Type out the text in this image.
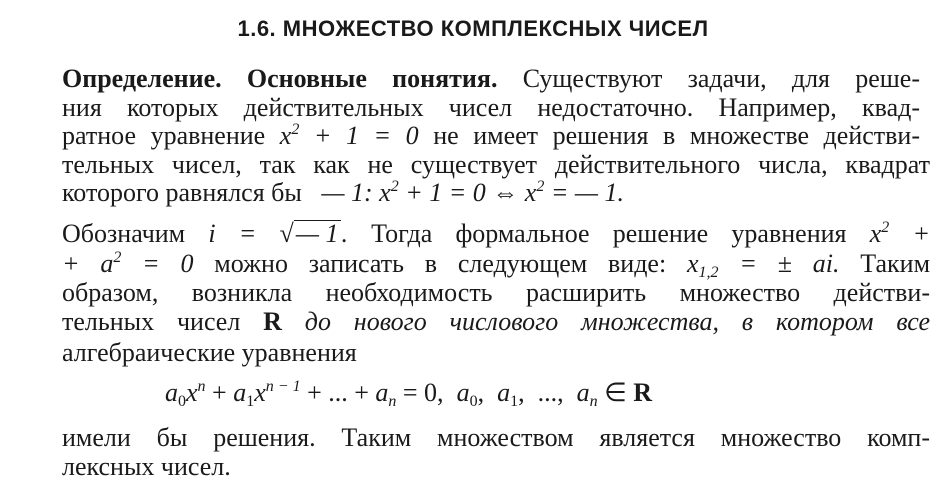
1.6. МНОЖЕСТВО КОМПЛЕКСНЫХ ЧИСЕЛ
Определение. Основные понятия. Существуют задачи, для реше-
ния которых действительных чисел недостаточно. Например, квад-
ратное уравнение $x^2 + 1 = 0$ не имеет решения в множестве действи-
тельных чисел, так как не существует действительного числа, квадрат
которого равнялся бы   — 1: $x^2 + 1 = 0$ ⇔ $x^2$ = — 1.
Обозначим i = √— 1 . Тогда формальное решение уравнения $x^2$ +
+ $a^2 = 0$ можно записать в следующем виде: $x_{1,2}$ = ± ai. Таким
образом, возникла необходимость расширить множество действи-
тельных чисел R до нового числового множества, в котором все
алгебраические уравнения
$a_0x^n + a_1x^{n - 1}$ + ... + $a_n = 0$,  $a_0$,  $a_1$,  ...,  $a_n$ ∈ R
имели бы решения. Таким множеством является множество комп-
лексных чисел.
